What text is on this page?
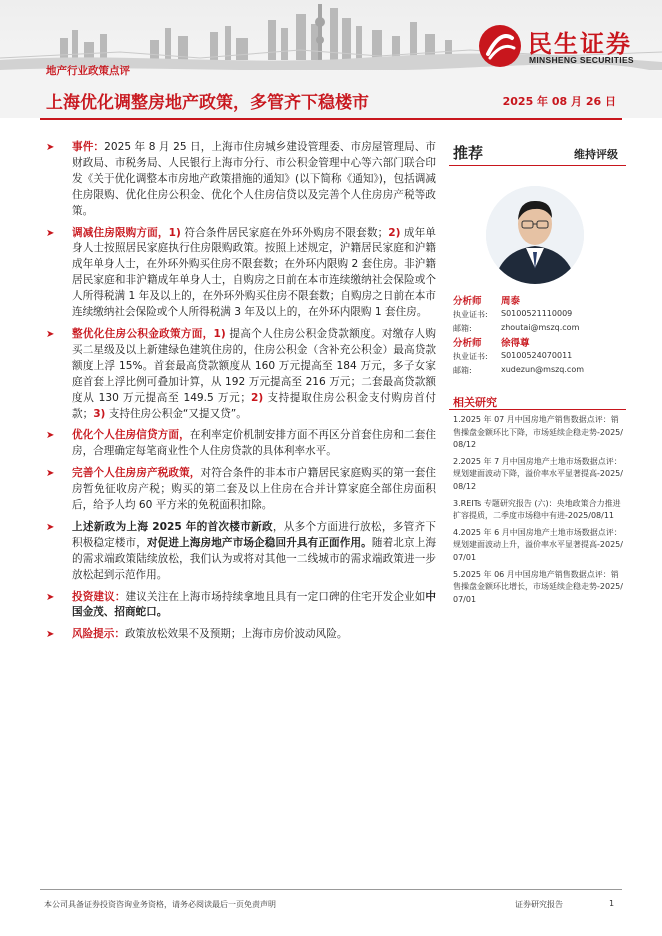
民生证券
MINSHENG SECURITIES
地产行业政策点评
上海优化调整房地产政策，多管齐下稳楼市	2025 年 08 月 26 日
➤ 事件：2025 年 8 月 25 日，上海市住房城乡建设管理委、市房屋管理局、市财政局、市税务局、人民银行上海市分行、市公积金管理中心等六部门联合印发《关于优化调整本市房地产政策措施的通知》(以下简称《通知》)，包括调减住房限购、优化住房公积金、优化个人住房信贷以及完善个人住房房产税等政策。
➤ 调减住房限购方面，1) 符合条件居民家庭在外环外购房不限套数；2) 成年单身人士按照居民家庭执行住房限购政策。按照上述规定，沪籍居民家庭和沪籍成年单身人士，在外环外购买住房不限套数；在外环内限购 2 套住房。非沪籍居民家庭和非沪籍成年单身人士，自购房之日前在本市连续缴纳社会保险或个人所得税满 1 年及以上的，在外环外购买住房不限套数；自购房之日前在本市连续缴纳社会保险或个人所得税满 3 年及以上的，在外环内限购 1 套住房。
➤ 整优化住房公积金政策方面，1) 提高个人住房公积金贷款额度。对缴存人购买二星级及以上新建绿色建筑住房的，住房公积金（含补充公积金）最高贷款额度上浮 15%。首套最高贷款额度从 160 万元提高至 184 万元，多子女家庭首套上浮比例可叠加计算，从 192 万元提高至 216 万元；二套最高贷款额度从 130 万元提高至 149.5 万元；2) 支持提取住房公积金支付购房首付款；3) 支持住房公积金“又提又贷”。
➤ 优化个人住房信贷方面，在利率定价机制安排方面不再区分首套住房和二套住房，合理确定每笔商业性个人住房贷款的具体利率水平。
➤ 完善个人住房房产税政策，对符合条件的非本市户籍居民家庭购买的第一套住房暂免征收房产税；购买的第二套及以上住房在合并计算家庭全部住房面积后，给予人均 60 平方米的免税面积扣除。
➤ 上述新政为上海 2025 年的首次楼市新政，从多个方面进行放松，多管齐下积极稳定楼市，对促进上海房地产市场企稳回升具有正面作用。随着北京上海的需求端政策陆续放松，我们认为或将对其他一二线城市的需求端政策进一步放松起到示范作用。
➤ 投资建议：建议关注在上海市场持续拿地且具有一定口碑的住宅开发企业如中国金茂、招商蛇口。
➤ 风险提示：政策放松效果不及预期；上海市房价波动风险。
推荐	维持评级
分析师 周泰
执业证书: S0100521110009
邮箱:	zhoutai@mszq.com
分析师 徐得尊
执业证书: S0100524070011
邮箱:	xudezun@mszq.com
相关研究
1.2025 年 07 月中国房地产销售数据点评：销售操盘金额环比下降，市场延续企稳走势-2025/08/12
2.2025 年 7 月中国房地产土地市场数据点评：规划建面波动下降，溢价率水平显著提高-2025/08/12
3.REITs 专题研究报告 (六)：央地政策合力推进扩容提质，二季度市场稳中有进-2025/08/11
4.2025 年 6 月中国房地产土地市场数据点评：规划建面波动上升，溢价率水平显著提高-2025/07/01
5.2025 年 06 月中国房地产销售数据点评：销售操盘金额环比增长，市场延续企稳走势-2025/07/01
本公司具备证券投资咨询业务资格，请务必阅读最后一页免责声明	证券研究报告	1
